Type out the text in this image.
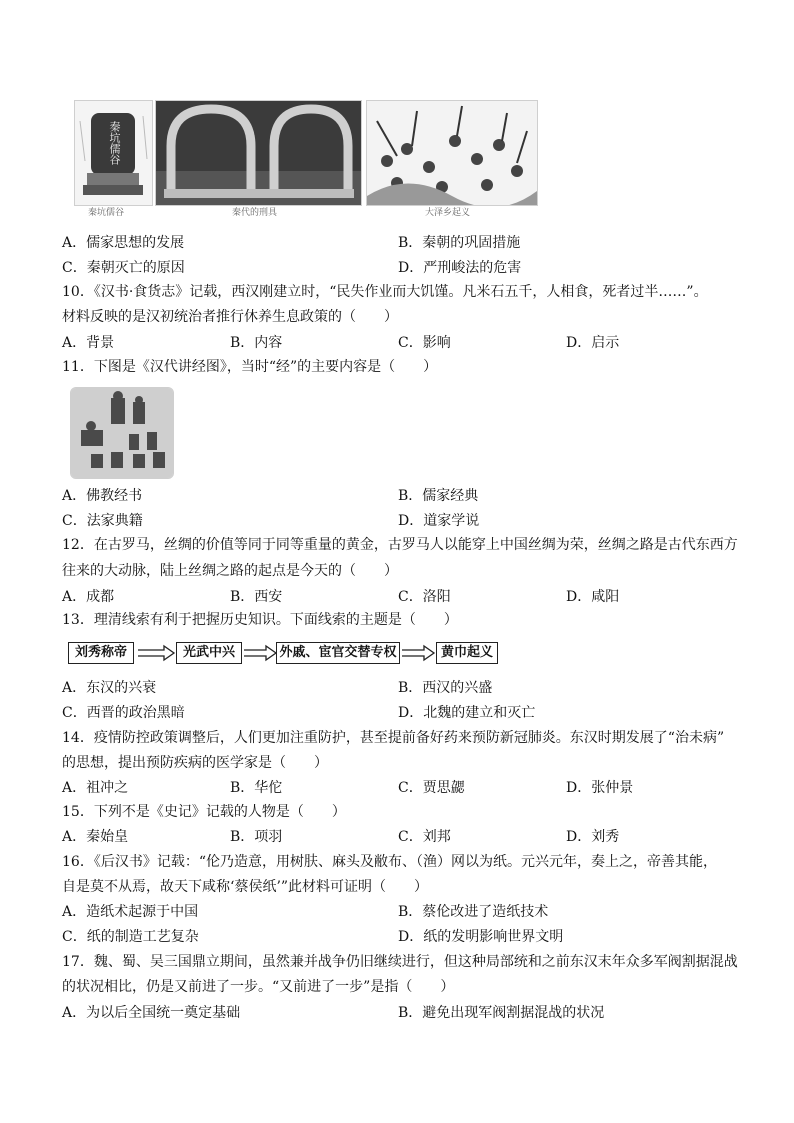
秦坑儒谷
秦坑儒谷	秦代的刑具	大泽乡起义
A．儒家思想的发展	B．秦朝的巩固措施
C．秦朝灭亡的原因	D．严刑峻法的危害
10．《汉书·食货志》记载，西汉刚建立时，“民失作业而大饥馑。凡米石五千，人相食，死者过半……”。
材料反映的是汉初统治者推行休养生息政策的（　　）
A．背景	B．内容	C．影响	D．启示
11．下图是《汉代讲经图》，当时“经”的主要内容是（　　）
A．佛教经书	B．儒家经典
C．法家典籍	D．道家学说
12．在古罗马，丝绸的价值等同于同等重量的黄金，古罗马人以能穿上中国丝绸为荣，丝绸之路是古代东西方
往来的大动脉，陆上丝绸之路的起点是今天的（　　）
A．成都	B．西安	C．洛阳	D．咸阳
13．理清线索有利于把握历史知识。下面线索的主题是（　　）
A．东汉的兴衰	B．西汉的兴盛
C．西晋的政治黑暗	D．北魏的建立和灭亡
14．疫情防控政策调整后，人们更加注重防护，甚至提前备好药来预防新冠肺炎。东汉时期发展了“治未病”
的思想，提出预防疾病的医学家是（　　）
A．祖冲之	B．华佗	C．贾思勰	D．张仲景
15．下列不是《史记》记载的人物是（　　）
A．秦始皇	B．项羽	C．刘邦	D．刘秀
16．《后汉书》记载：“伦乃造意，用树肤、麻头及敝布、（渔）网以为纸。元兴元年，奏上之，帝善其能，
自是莫不从焉，故天下咸称‘蔡侯纸’”此材料可证明（　　）
A．造纸术起源于中国	B．蔡伦改进了造纸技术
C．纸的制造工艺复杂	D．纸的发明影响世界文明
17．魏、蜀、吴三国鼎立期间，虽然兼并战争仍旧继续进行，但这种局部统和之前东汉末年众多军阀割据混战
的状况相比，仍是又前进了一步。“又前进了一步”是指（　　）
A．为以后全国统一奠定基础	B．避免出现军阀割据混战的状况
刘秀称帝	光武中兴	外戚、宦官交替专权	黄巾起义
